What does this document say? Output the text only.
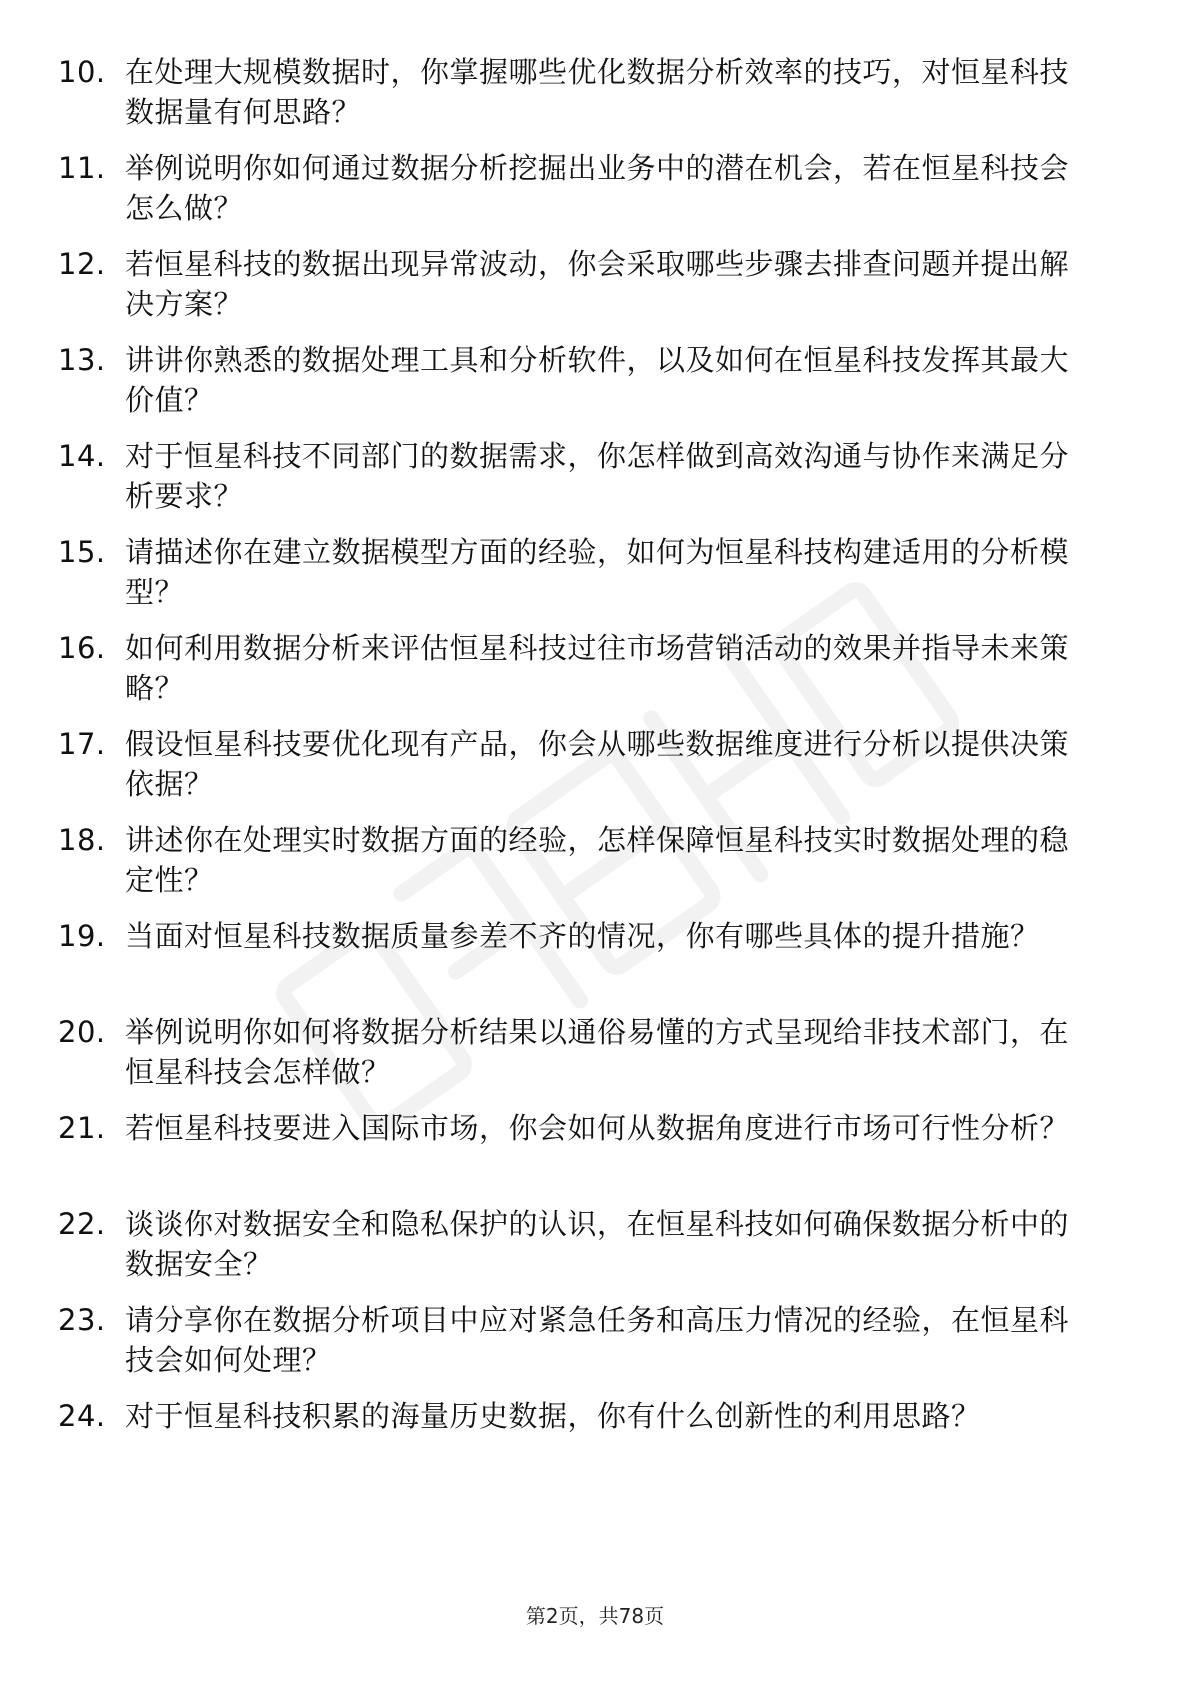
10. 在处理大规模数据时，你掌握哪些优化数据分析效率的技巧，对恒星科技数据量有何思路？
11. 举例说明你如何通过数据分析挖掘出业务中的潜在机会，若在恒星科技会怎么做？
12. 若恒星科技的数据出现异常波动，你会采取哪些步骤去排查问题并提出解决方案？
13. 讲讲你熟悉的数据处理工具和分析软件，以及如何在恒星科技发挥其最大价值？
14. 对于恒星科技不同部门的数据需求，你怎样做到高效沟通与协作来满足分析要求？
15. 请描述你在建立数据模型方面的经验，如何为恒星科技构建适用的分析模型？
16. 如何利用数据分析来评估恒星科技过往市场营销活动的效果并指导未来策略？
17. 假设恒星科技要优化现有产品，你会从哪些数据维度进行分析以提供决策依据？
18. 讲述你在处理实时数据方面的经验，怎样保障恒星科技实时数据处理的稳定性？
19. 当面对恒星科技数据质量参差不齐的情况，你有哪些具体的提升措施？
20. 举例说明你如何将数据分析结果以通俗易懂的方式呈现给非技术部门，在恒星科技会怎样做？
21. 若恒星科技要进入国际市场，你会如何从数据角度进行市场可行性分析？
22. 谈谈你对数据安全和隐私保护的认识，在恒星科技如何确保数据分析中的数据安全？
23. 请分享你在数据分析项目中应对紧急任务和高压力情况的经验，在恒星科技会如何处理？
24. 对于恒星科技积累的海量历史数据，你有什么创新性的利用思路？
第2页，共78页
